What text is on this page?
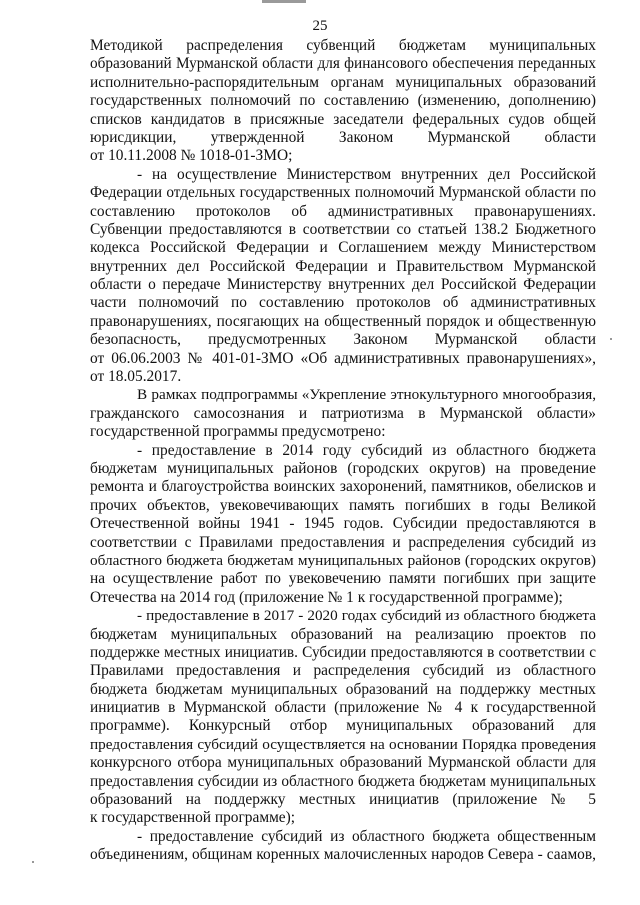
25
Методикой распределения субвенций бюджетам муниципальных
образований Мурманской области для финансового обеспечения переданных
исполнительно-распорядительным органам муниципальных образований
государственных полномочий по составлению (изменению, дополнению)
списков кандидатов в присяжные заседатели федеральных судов общей
юрисдикции, утвержденной Законом Мурманской области
от 10.11.2008 № 1018-01-ЗМО;
- на осуществление Министерством внутренних дел Российской
Федерации отдельных государственных полномочий Мурманской области по
составлению протоколов об административных правонарушениях.
Субвенции предоставляются в соответствии со статьей 138.2 Бюджетного
кодекса Российской Федерации и Соглашением между Министерством
внутренних дел Российской Федерации и Правительством Мурманской
области о передаче Министерству внутренних дел Российской Федерации
части полномочий по составлению протоколов об административных
правонарушениях, посягающих на общественный порядок и общественную
безопасность, предусмотренных Законом Мурманской области
от 06.06.2003 № 401-01-ЗМО «Об административных правонарушениях»,
от 18.05.2017.
В рамках подпрограммы «Укрепление этнокультурного многообразия,
гражданского самосознания и патриотизма в Мурманской области»
государственной программы предусмотрено:
- предоставление в 2014 году субсидий из областного бюджета
бюджетам муниципальных районов (городских округов) на проведение
ремонта и благоустройства воинских захоронений, памятников, обелисков и
прочих объектов, увековечивающих память погибших в годы Великой
Отечественной войны 1941 - 1945 годов. Субсидии предоставляются в
соответствии с Правилами предоставления и распределения субсидий из
областного бюджета бюджетам муниципальных районов (городских округов)
на осуществление работ по увековечению памяти погибших при защите
Отечества на 2014 год (приложение № 1 к государственной программе);
- предоставление в 2017 - 2020 годах субсидий из областного бюджета
бюджетам муниципальных образований на реализацию проектов по
поддержке местных инициатив. Субсидии предоставляются в соответствии с
Правилами предоставления и распределения субсидий из областного
бюджета бюджетам муниципальных образований на поддержку местных
инициатив в Мурманской области (приложение № 4 к государственной
программе). Конкурсный отбор муниципальных образований для
предоставления субсидий осуществляется на основании Порядка проведения
конкурсного отбора муниципальных образований Мурманской области для
предоставления субсидии из областного бюджета бюджетам муниципальных
образований на поддержку местных инициатив (приложение № 5
к государственной программе);
- предоставление субсидий из областного бюджета общественным
объединениям, общинам коренных малочисленных народов Севера - саамов,
